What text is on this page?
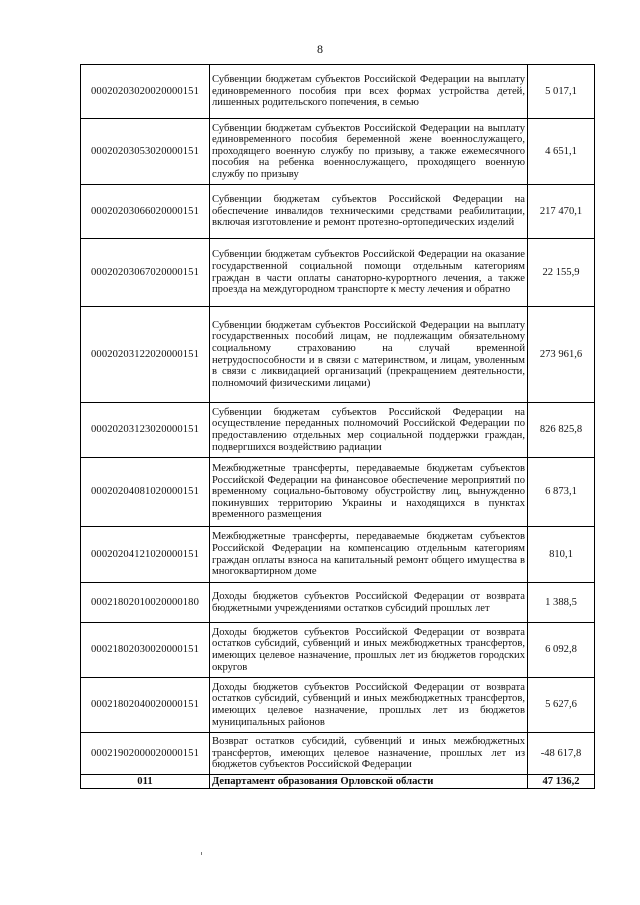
8
00020203020020000151	Субвенции бюджетам субъектов Российской Федерации на выплату единовременного пособия при всех формах устройства детей, лишенных родительского попечения, в семью	5 017,1
00020203053020000151	Субвенции бюджетам субъектов Российской Федерации на выплату единовременного пособия беременной жене военнослужащего, проходящего военную службу по призыву, а также ежемесячного пособия на ребенка военнослужащего, проходящего военную службу по призыву	4 651,1
00020203066020000151	Субвенции бюджетам субъектов Российской Федерации на обеспечение инвалидов техническими средствами реабилитации, включая изготовление и ремонт протезно-ортопедических изделий	217 470,1
00020203067020000151	Субвенции бюджетам субъектов Российской Федерации на оказание государственной социальной помощи отдельным категориям граждан в части оплаты санаторно-курортного лечения, а также проезда на междугородном транспорте к месту лечения и обратно	22 155,9
00020203122020000151	Субвенции бюджетам субъектов Российской Федерации на выплату государственных пособий лицам, не подлежащим обязательному социальному страхованию на случай временной нетрудоспособности и в связи с материнством, и лицам, уволенным в связи с ликвидацией организаций (прекращением деятельности, полномочий физическими лицами)	273 961,6
00020203123020000151	Субвенции бюджетам субъектов Российской Федерации на осуществление переданных полномочий Российской Федерации по предоставлению отдельных мер социальной поддержки граждан, подвергшихся воздействию радиации	826 825,8
00020204081020000151	Межбюджетные трансферты, передаваемые бюджетам субъектов Российской Федерации на финансовое обеспечение мероприятий по временному социально-бытовому обустройству лиц, вынужденно покинувших территорию Украины и находящихся в пунктах временного размещения	6 873,1
00020204121020000151	Межбюджетные трансферты, передаваемые бюджетам субъектов Российской Федерации на компенсацию отдельным категориям граждан оплаты взноса на капитальный ремонт общего имущества в многоквартирном доме	810,1
00021802010020000180	Доходы бюджетов субъектов Российской Федерации от возврата бюджетными учреждениями остатков субсидий прошлых лет	1 388,5
00021802030020000151	Доходы бюджетов субъектов Российской Федерации от возврата остатков субсидий, субвенций и иных межбюджетных трансфертов, имеющих целевое назначение, прошлых лет из бюджетов городских округов	6 092,8
00021802040020000151	Доходы бюджетов субъектов Российской Федерации от возврата остатков субсидий, субвенций и иных межбюджетных трансфертов, имеющих целевое назначение, прошлых лет из бюджетов муниципальных районов	5 627,6
00021902000020000151	Возврат остатков субсидий, субвенций и иных межбюджетных трансфертов, имеющих целевое назначение, прошлых лет из бюджетов субъектов Российской Федерации	-48 617,8
011	Департамент образования Орловской области	47 136,2
